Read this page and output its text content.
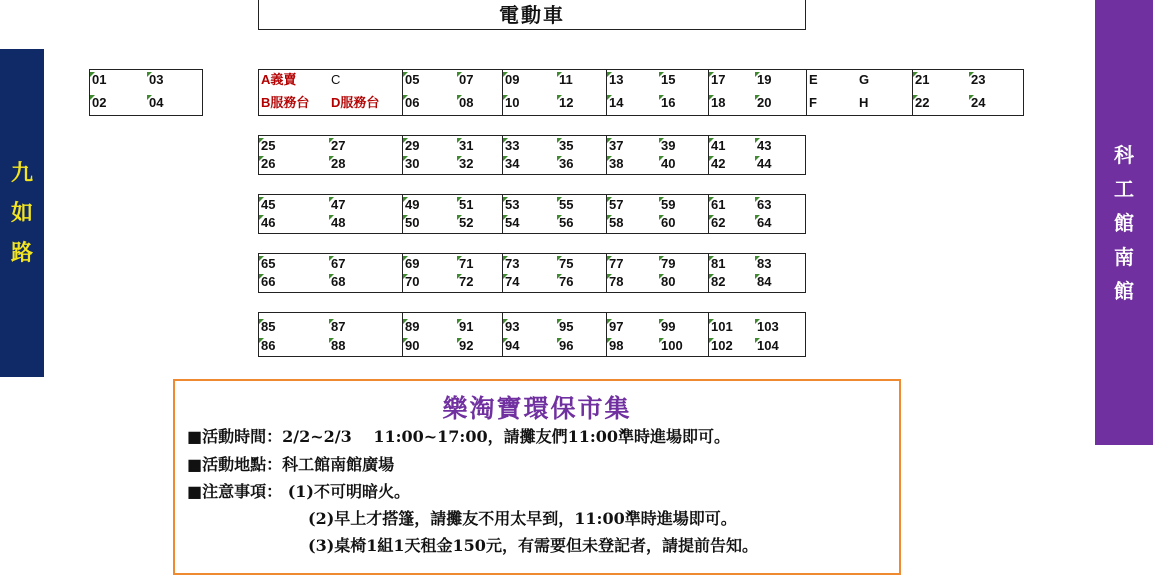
電動車
九
如
路
科
工
館
南
館
01	03
02	04
A義賣	C	05	07	09	11	13	15	17	19	E	G	21	23
B服務台	D服務台	06	08	10	12	14	16	18	20	F	H	22	24
25	27	29	31	33	35	37	39	41	43
26	28	30	32	34	36	38	40	42	44
45	47	49	51	53	55	57	59	61	63
46	48	50	52	54	56	58	60	62	64
65	67	69	71	73	75	77	79	81	83
66	68	70	72	74	76	78	80	82	84
85	87	89	91	93	95	97	99	101	103
86	88	90	92	94	96	98	100	102	104
樂淘寶環保市集
■活動時間：2/2~2/3　 11:00~17:00，請攤友們11:00準時進場即可。
■活動地點：科工館南館廣場
■注意事項： (1)不可明暗火。
(2)早上才搭篷，請攤友不用太早到，11:00準時進場即可。
(3)桌椅1組1天租金150元，有需要但未登記者，請提前告知。
